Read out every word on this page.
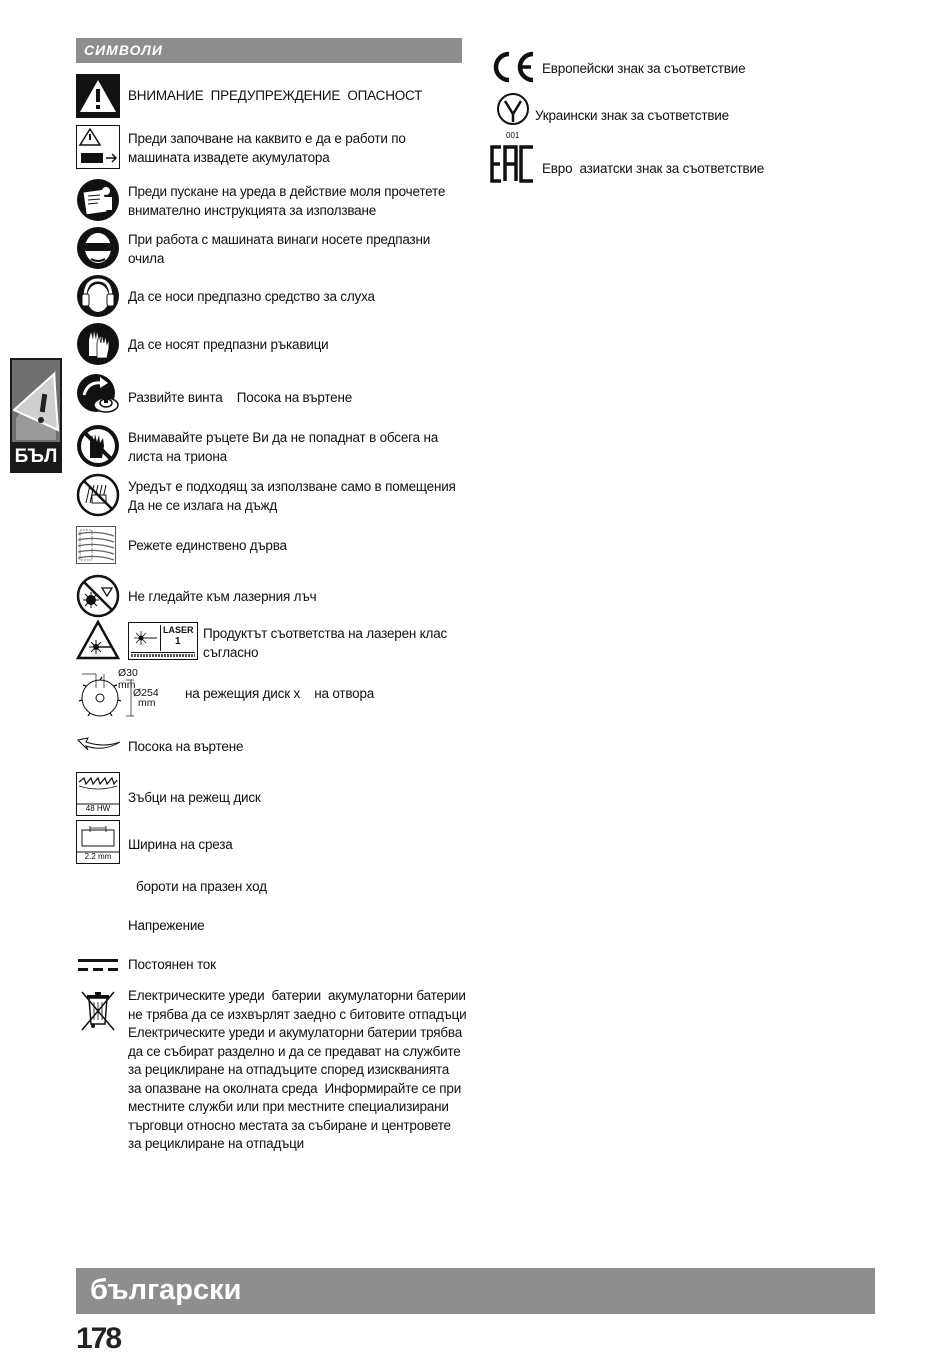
СИМВОЛИ
БЪЛ
ВНИМАНИЕ  ПРЕДУПРЕЖДЕНИЕ  ОПАСНОСТ
Преди започване на каквито е да е работи по
машината извадете акумулатора
Преди пускане на уреда в действие моля прочетете
внимателно инструкцията за използване
При работа с машината винаги носете предпазни
очила
Да се носи предпазно средство за слуха
Да се носят предпазни ръкавици
Развийте винта    Посока на въртене
Внимавайте ръцете Ви да не попаднат в обсега на
листа на триона
Уредът е подходящ за използване само в помещения
Да не се излага на дъжд
Режете единствено дърва
Не гледайте към лазерния лъч
LASER
1
Продуктът съответства на лазерен клас
съгласно
Ø30 mm
Ø254
mm
на режещия диск х    на отвора
Посока на въртене
48 HW
Зъбци на режещ диск
2.2 mm
Ширина на среза
бороти на празен ход
Напрежение
Постоянен ток
Електрическите уреди  батерии  акумулаторни батерии
не трябва да се изхвърлят заедно с битовите отпадъци
Електрическите уреди и акумулаторни батерии трябва
да се събират разделно и да се предават на службите
за рециклиране на отпадъците според изискванията
за опазване на околната среда  Информирайте се при
местните служби или при местните специализирани
търговци относно местата за събиране и центровете
за рециклиране на отпадъци
Европейски знак за съответствие
001
Украински знак за съответствие
Евро  азиатски знак за съответствие
български
178
